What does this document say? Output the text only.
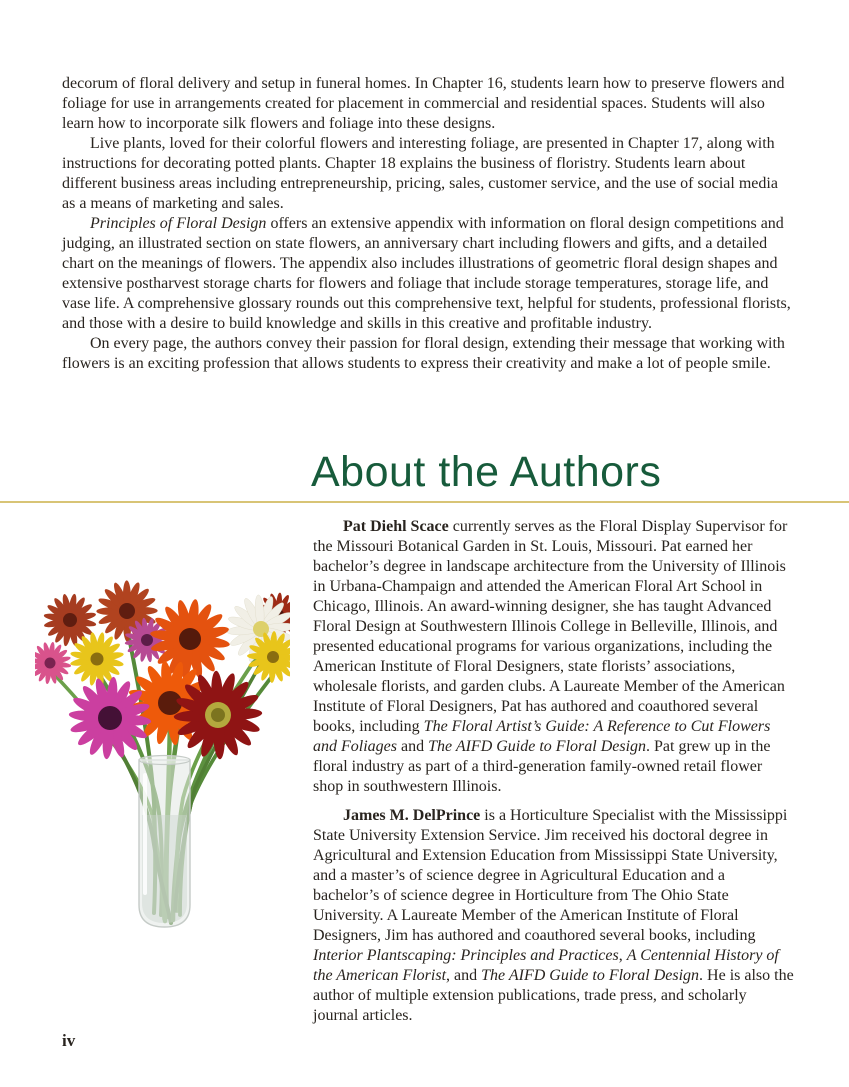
decorum of floral delivery and setup in funeral homes. In Chapter 16, students learn how to preserve flowers and foliage for use in arrangements created for placement in commercial and residential spaces. Students will also learn how to incorporate silk flowers and foliage into these designs.

Live plants, loved for their colorful flowers and interesting foliage, are presented in Chapter 17, along with instructions for decorating potted plants. Chapter 18 explains the business of floristry. Students learn about different business areas including entrepreneurship, pricing, sales, customer service, and the use of social media as a means of marketing and sales.

Principles of Floral Design offers an extensive appendix with information on floral design competitions and judging, an illustrated section on state flowers, an anniversary chart including flowers and gifts, and a detailed chart on the meanings of flowers. The appendix also includes illustrations of geometric floral design shapes and extensive postharvest storage charts for flowers and foliage that include storage temperatures, storage life, and vase life. A comprehensive glossary rounds out this comprehensive text, helpful for students, professional florists, and those with a desire to build knowledge and skills in this creative and profitable industry.

On every page, the authors convey their passion for floral design, extending their message that working with flowers is an exciting profession that allows students to express their creativity and make a lot of people smile.

About the Authors

Pat Diehl Scace currently serves as the Floral Display Supervisor for the Missouri Botanical Garden in St. Louis, Missouri. Pat earned her bachelor’s degree in landscape architecture from the University of Illinois in Urbana-Champaign and attended the American Floral Art School in Chicago, Illinois. An award-winning designer, she has taught Advanced Floral Design at Southwestern Illinois College in Belleville, Illinois, and presented educational programs for various organizations, including the American Institute of Floral Designers, state florists’ associations, wholesale florists, and garden clubs. A Laureate Member of the American Institute of Floral Designers, Pat has authored and coauthored several books, including The Floral Artist’s Guide: A Reference to Cut Flowers and Foliages and The AIFD Guide to Floral Design. Pat grew up in the floral industry as part of a third-generation family-owned retail flower shop in southwestern Illinois.

James M. DelPrince is a Horticulture Specialist with the Mississippi State University Extension Service. Jim received his doctoral degree in Agricultural and Extension Education from Mississippi State University, and a master’s of science degree in Agricultural Education and a bachelor’s of science degree in Horticulture from The Ohio State University. A Laureate Member of the American Institute of Floral Designers, Jim has authored and coauthored several books, including Interior Plantscaping: Principles and Practices, A Centennial History of the American Florist, and The AIFD Guide to Floral Design. He is also the author of multiple extension publications, trade press, and scholarly journal articles.

iv
